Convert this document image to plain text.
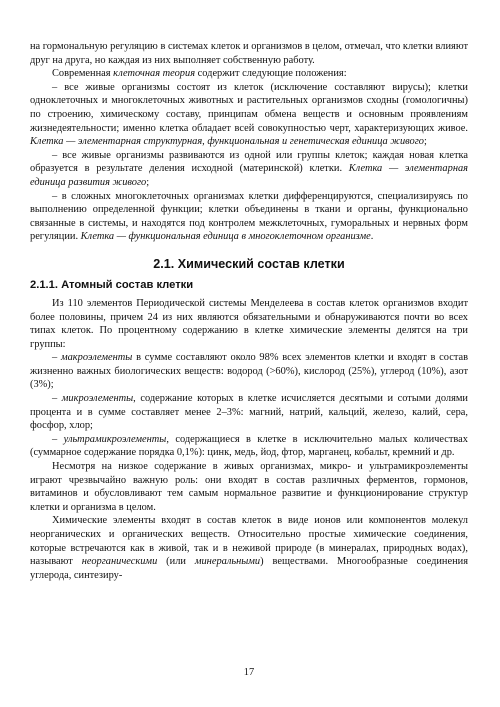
на гормональную регуляцию в системах клеток и организмов в целом, отмечал, что клетки влияют друг на друга, но каждая из них выполняет собственную работу.

Современная клеточная теория содержит следующие положения:

– все живые организмы состоят из клеток (исключение составляют вирусы); клетки одноклеточных и многоклеточных животных и растительных организмов сходны (гомологичны) по строению, химическому составу, принципам обмена веществ и основным проявлениям жизнедеятельности; именно клетка обладает всей совокупностью черт, характеризующих живое. Клетка — элементарная структурная, функциональная и генетическая единица живого;

– все живые организмы развиваются из одной или группы клеток; каждая новая клетка образуется в результате деления исходной (материнской) клетки. Клетка — элементарная единица развития живого;

– в сложных многоклеточных организмах клетки дифференцируются, специализируясь по выполнению определенной функции; клетки объединены в ткани и органы, функционально связанные в системы, и находятся под контролем межклеточных, гуморальных и нервных форм регуляции. Клетка — функциональная единица в многоклеточном организме.

2.1. Химический состав клетки
2.1.1. Атомный состав клетки

Из 110 элементов Периодической системы Менделеева в состав клеток организмов входит более половины, причем 24 из них являются обязательными и обнаруживаются почти во всех типах клеток. По процентному содержанию в клетке химические элементы делятся на три группы:

– макроэлементы в сумме составляют около 98% всех элементов клетки и входят в состав жизненно важных биологических веществ: водород (>60%), кислород (25%), углерод (10%), азот (3%);

– микроэлементы, содержание которых в клетке исчисляется десятыми и сотыми долями процента и в сумме составляет менее 2–3%: магний, натрий, кальций, железо, калий, сера, фосфор, хлор;

– ультрамикроэлементы, содержащиеся в клетке в исключительно малых количествах (суммарное содержание порядка 0,1%): цинк, медь, йод, фтор, марганец, кобальт, кремний и др.

Несмотря на низкое содержание в живых организмах, микро- и ультрамикроэлементы играют чрезвычайно важную роль: они входят в состав различных ферментов, гормонов, витаминов и обусловливают тем самым нормальное развитие и функционирование структур клетки и организма в целом.

Химические элементы входят в состав клеток в виде ионов или компонентов молекул неорганических и органических веществ. Относительно простые химические соединения, которые встречаются как в живой, так и в неживой природе (в минералах, природных водах), называют неорганическими (или минеральными) веществами. Многообразные соединения углерода, синтезиру-

17
